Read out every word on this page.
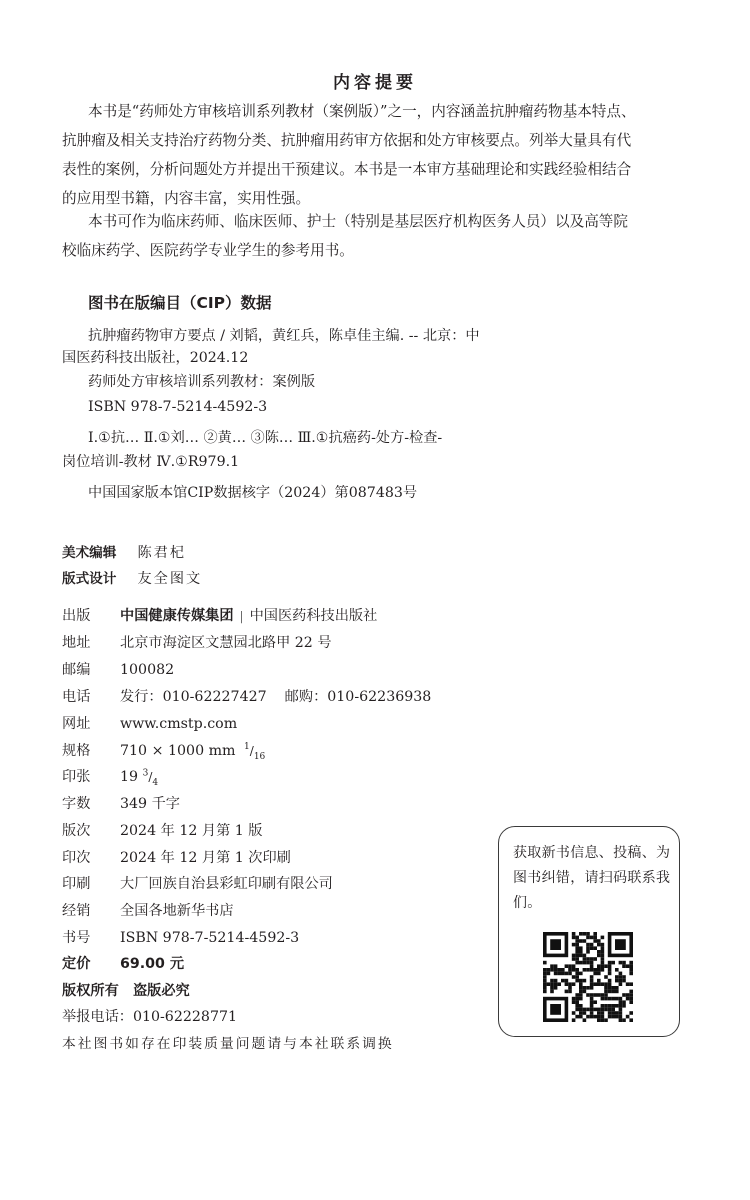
内容提要
本书是“药师处方审核培训系列教材（案例版）”之一，内容涵盖抗肿瘤药物基本特点、
抗肿瘤及相关支持治疗药物分类、抗肿瘤用药审方依据和处方审核要点。列举大量具有代
表性的案例，分析问题处方并提出干预建议。本书是一本审方基础理论和实践经验相结合
的应用型书籍，内容丰富，实用性强。
本书可作为临床药师、临床医师、护士（特别是基层医疗机构医务人员）以及高等院
校临床药学、医院药学专业学生的参考用书。
图书在版编目（CIP）数据
抗肿瘤药物审方要点 / 刘韬，黄红兵，陈卓佳主编. -- 北京：中
国医药科技出版社，2024.12
药师处方审核培训系列教材：案例版
ISBN 978-7-5214-4592-3
Ⅰ.①抗… Ⅱ.①刘… ②黄… ③陈… Ⅲ.①抗癌药-处方-检查-
岗位培训-教材 Ⅳ.①R979.1
中国国家版本馆CIP数据核字（2024）第087483号
美术编辑 陈君杞
版式设计 友全图文
出版 中国健康传媒集团 | 中国医药科技出版社
地址 北京市海淀区文慧园北路甲 22 号
邮编 100082
电话 发行：010-62227427    邮购：010-62236938
网址 www.cmstp.com
规格 710 × 1000 mm $^1/_{16}$
印张 19 $^3/_4$
字数 349 千字
版次 2024 年 12 月第 1 版
印次 2024 年 12 月第 1 次印刷
印刷 大厂回族自治县彩虹印刷有限公司
经销 全国各地新华书店
书号 ISBN 978-7-5214-4592-3
定价 69.00 元
版权所有　盗版必究
举报电话：010-62228771
本社图书如存在印装质量问题请与本社联系调换
获取新书信息、投稿、为图书纠错，请扫码联系我们。
